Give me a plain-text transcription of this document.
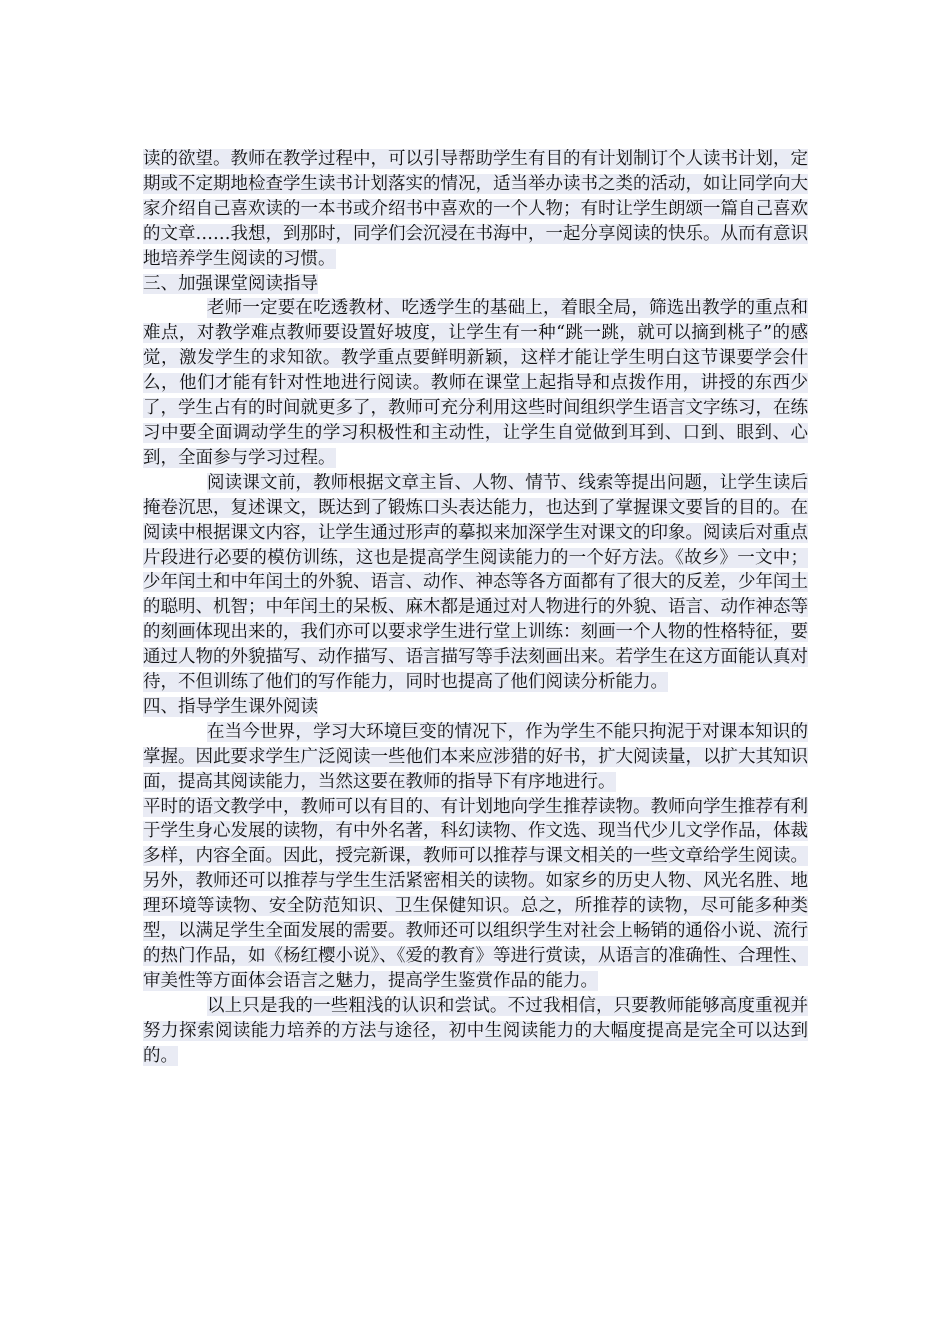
读的欲望。教师在教学过程中，可以引导帮助学生有目的有计划制订个人读书计划，定期或不定期地检查学生读书计划落实的情况，适当举办读书之类的活动，如让同学向大家介绍自己喜欢读的一本书或介绍书中喜欢的一个人物；有时让学生朗颂一篇自己喜欢的文章……我想，到那时，同学们会沉浸在书海中，一起分享阅读的快乐。从而有意识地培养学生阅读的习惯。

三、加强课堂阅读指导

老师一定要在吃透教材、吃透学生的基础上，着眼全局，筛选出教学的重点和难点，对教学难点教师要设置好坡度，让学生有一种“跳一跳，就可以摘到桃子”的感觉，激发学生的求知欲。教学重点要鲜明新颖，这样才能让学生明白这节课要学会什么，他们才能有针对性地进行阅读。教师在课堂上起指导和点拨作用，讲授的东西少了，学生占有的时间就更多了，教师可充分利用这些时间组织学生语言文字练习，在练习中要全面调动学生的学习积极性和主动性，让学生自觉做到耳到、口到、眼到、心到，全面参与学习过程。

阅读课文前，教师根据文章主旨、人物、情节、线索等提出问题，让学生读后掩卷沉思，复述课文，既达到了锻炼口头表达能力，也达到了掌握课文要旨的目的。在阅读中根据课文内容，让学生通过形声的摹拟来加深学生对课文的印象。阅读后对重点片段进行必要的模仿训练，这也是提高学生阅读能力的一个好方法。《故乡》一文中；少年闰土和中年闰土的外貌、语言、动作、神态等各方面都有了很大的反差，少年闰土的聪明、机智；中年闰土的呆板、麻木都是通过对人物进行的外貌、语言、动作神态等的刻画体现出来的，我们亦可以要求学生进行堂上训练：刻画一个人物的性格特征，要通过人物的外貌描写、动作描写、语言描写等手法刻画出来。若学生在这方面能认真对待，不但训练了他们的写作能力，同时也提高了他们阅读分析能力。

四、指导学生课外阅读

在当今世界，学习大环境巨变的情况下，作为学生不能只拘泥于对课本知识的掌握。因此要求学生广泛阅读一些他们本来应涉猎的好书，扩大阅读量，以扩大其知识面，提高其阅读能力，当然这要在教师的指导下有序地进行。

平时的语文教学中，教师可以有目的、有计划地向学生推荐读物。教师向学生推荐有利于学生身心发展的读物，有中外名著，科幻读物、作文选、现当代少儿文学作品，体裁多样，内容全面。因此，授完新课，教师可以推荐与课文相关的一些文章给学生阅读。另外，教师还可以推荐与学生生活紧密相关的读物。如家乡的历史人物、风光名胜、地理环境等读物、安全防范知识、卫生保健知识。总之，所推荐的读物，尽可能多种类型，以满足学生全面发展的需要。教师还可以组织学生对社会上畅销的通俗小说、流行的热门作品，如《杨红樱小说》、《爱的教育》等进行赏读，从语言的准确性、合理性、审美性等方面体会语言之魅力，提高学生鉴赏作品的能力。

以上只是我的一些粗浅的认识和尝试。不过我相信，只要教师能够高度重视并努力探索阅读能力培养的方法与途径，初中生阅读能力的大幅度提高是完全可以达到的。
